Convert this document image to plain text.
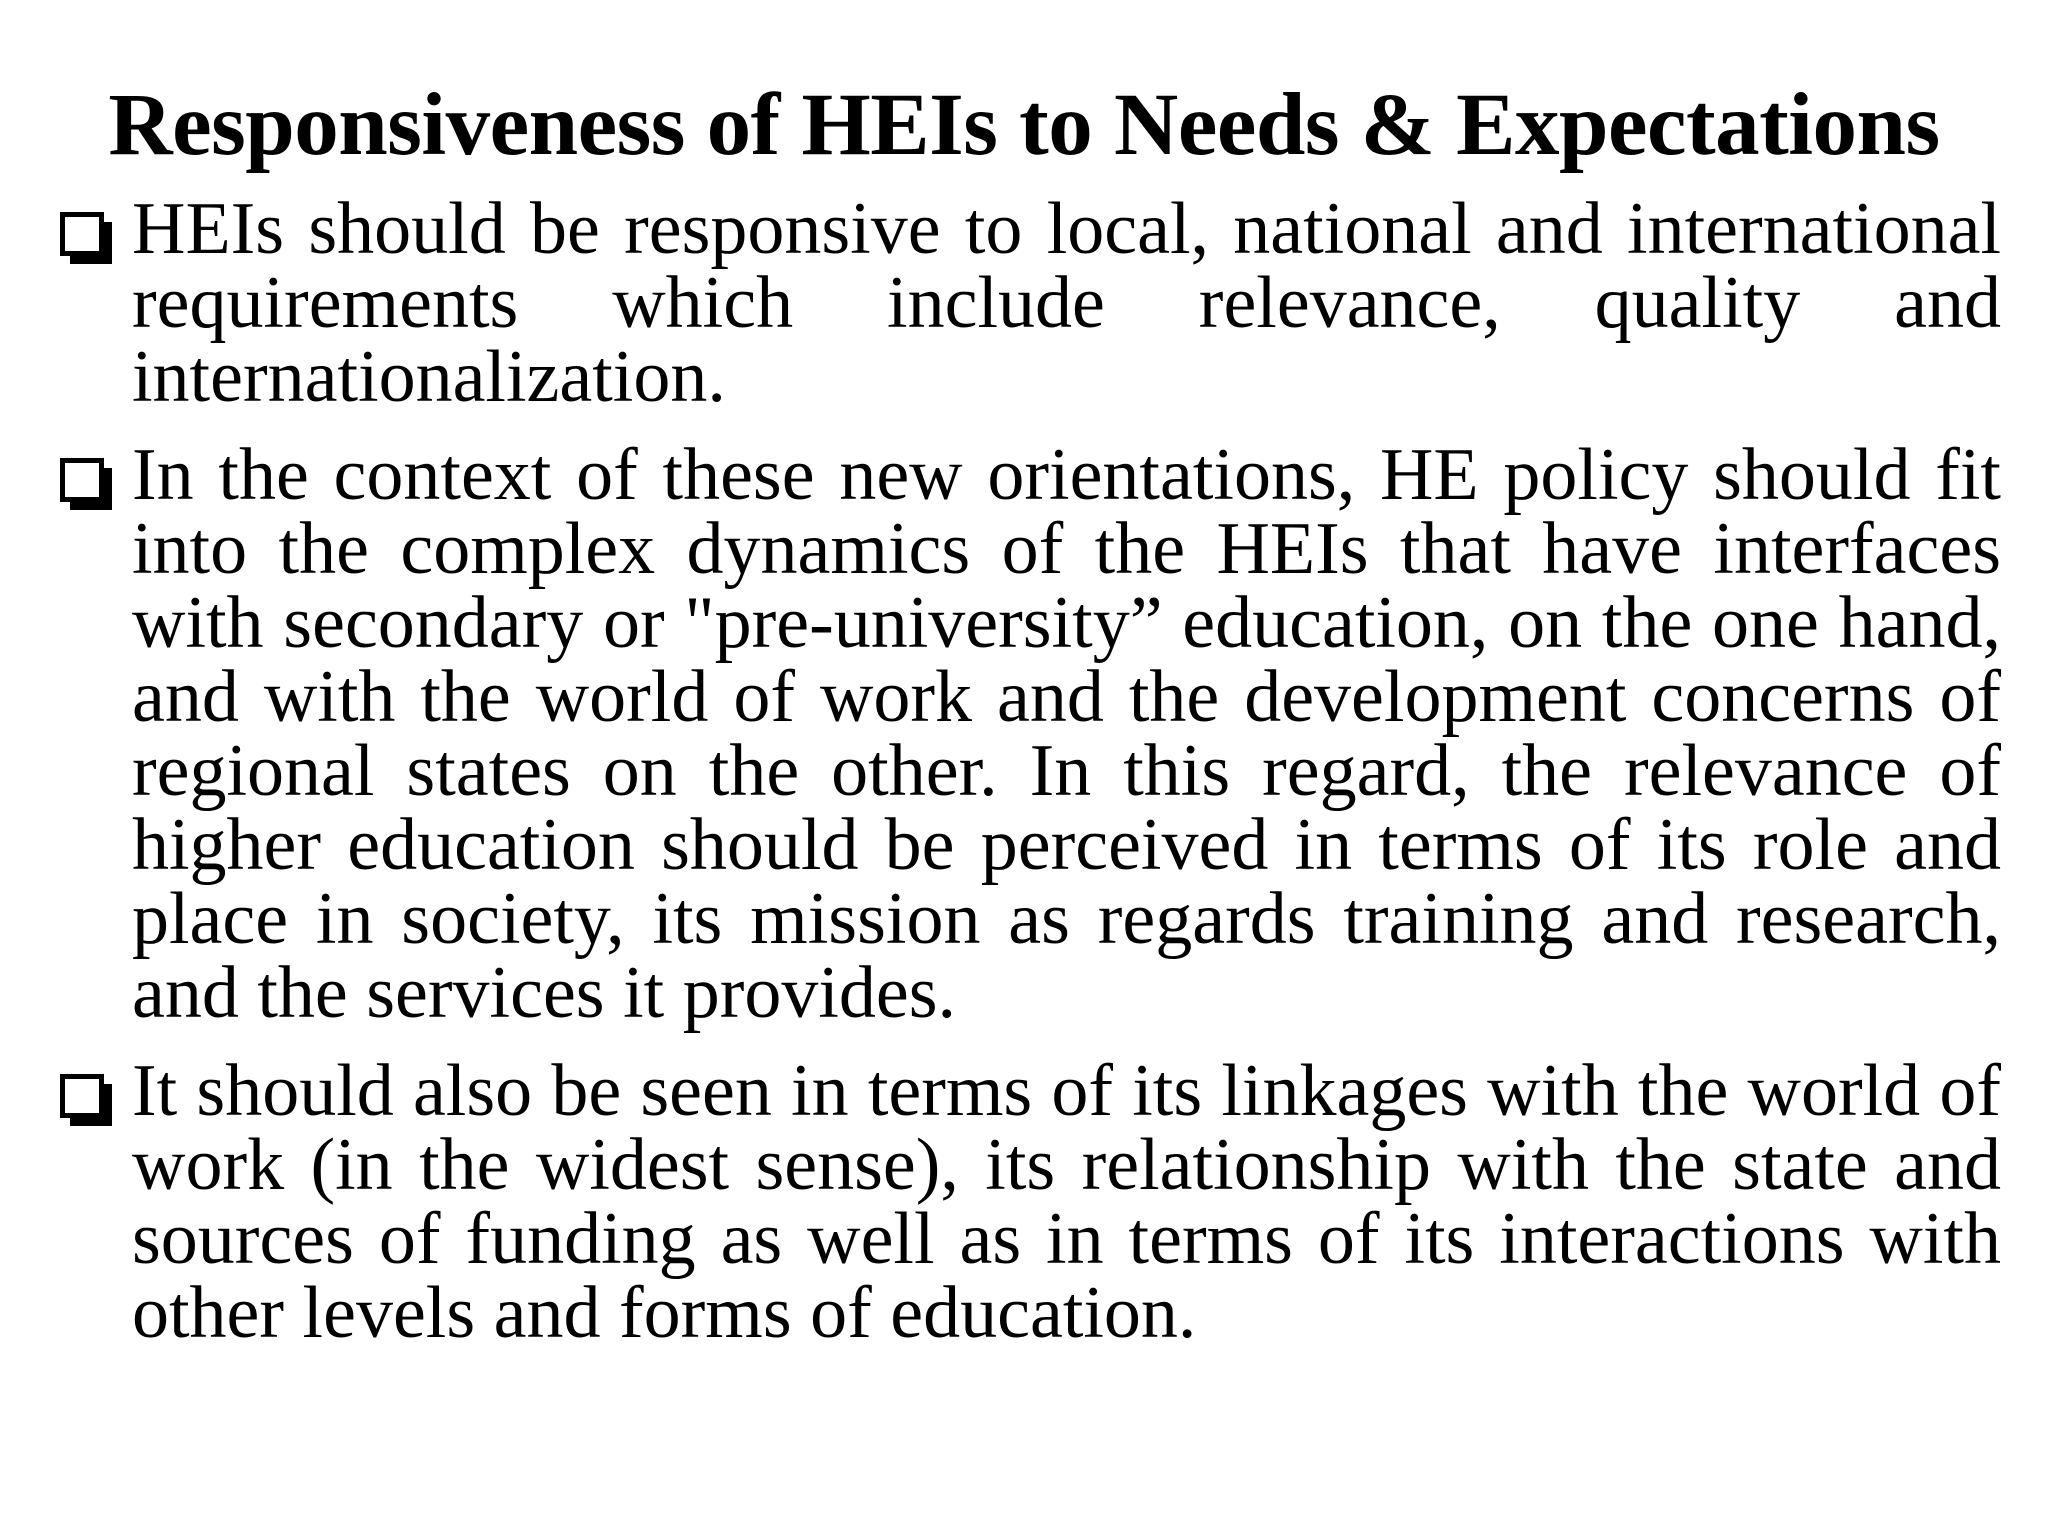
Responsiveness of HEIs to Needs & Expectations
HEIs should be responsive to local, national and international requirements which include relevance, quality and internationalization.
In the context of these new orientations, HE policy should fit into the complex dynamics of the HEIs that have interfaces with secondary or "pre-university” education, on the one hand, and with the world of work and the development concerns of regional states on the other. In this regard, the relevance of higher education should be perceived in terms of its role and place in society, its mission as regards training and research, and the services it provides.
It should also be seen in terms of its linkages with the world of work (in the widest sense), its relationship with the state and sources of funding as well as in terms of its interactions with other levels and forms of education.
